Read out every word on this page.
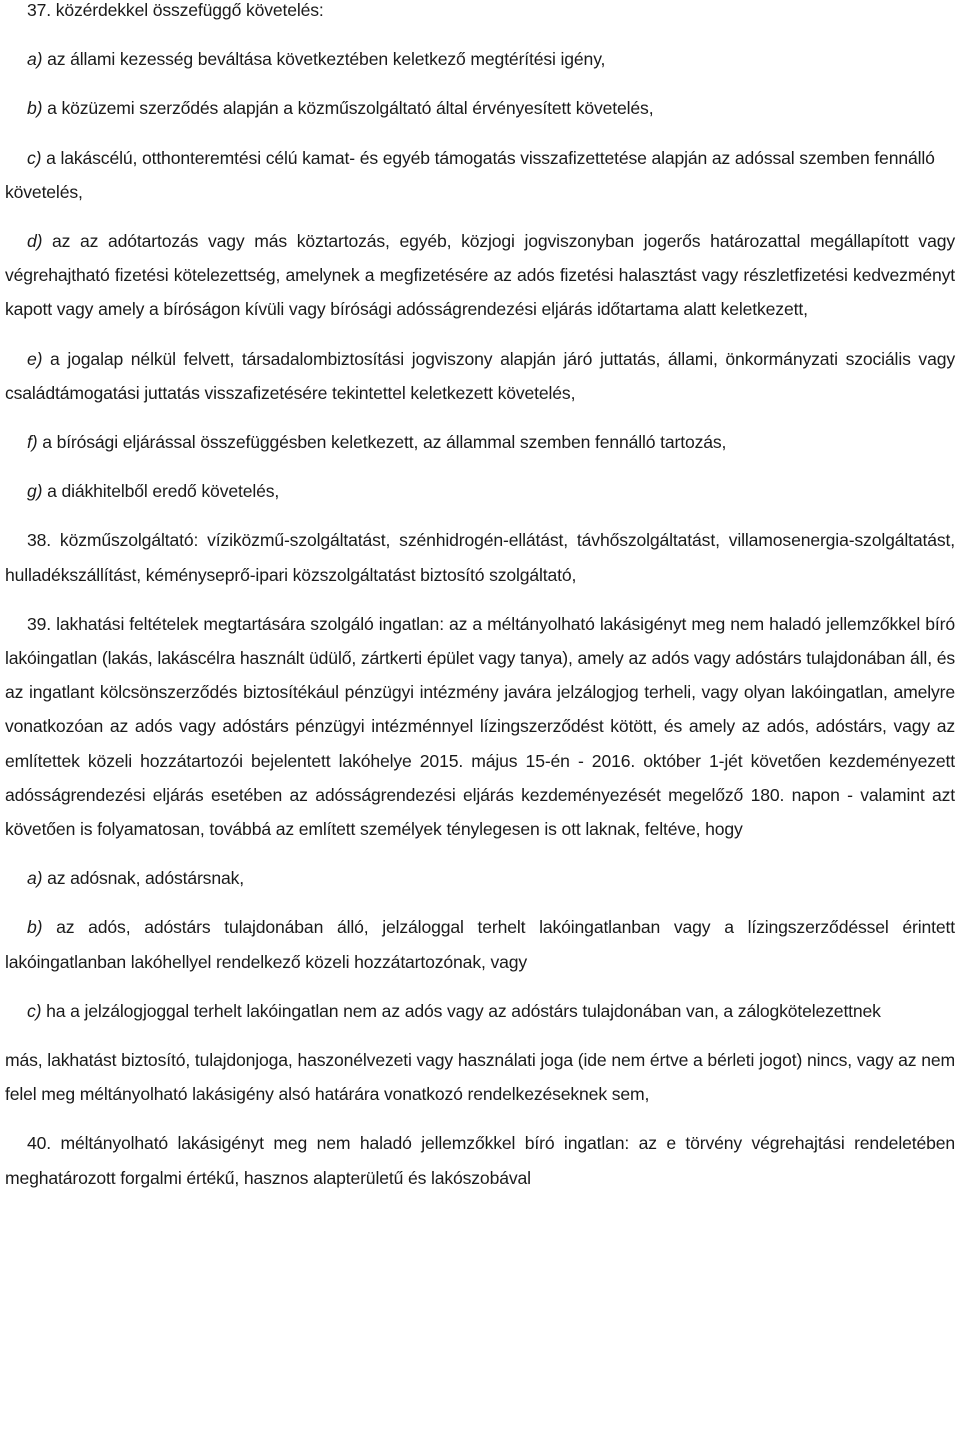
37. közérdekkel összefüggő követelés:

a) az állami kezesség beváltása következtében keletkező megtérítési igény,

b) a közüzemi szerződés alapján a közműszolgáltató által érvényesített követelés,

c) a lakáscélú, otthonteremtési célú kamat- és egyéb támogatás visszafizettetése alapján az adóssal szemben fennálló követelés,

d) az az adótartozás vagy más köztartozás, egyéb, közjogi jogviszonyban jogerős határozattal megállapított vagy végrehajtható fizetési kötelezettség, amelynek a megfizetésére az adós fizetési halasztást vagy részletfizetési kedvezményt kapott vagy amely a bíróságon kívüli vagy bírósági adósságrendezési eljárás időtartama alatt keletkezett,

e) a jogalap nélkül felvett, társadalombiztosítási jogviszony alapján járó juttatás, állami, önkormányzati szociális vagy családtámogatási juttatás visszafizetésére tekintettel keletkezett követelés,

f) a bírósági eljárással összefüggésben keletkezett, az állammal szemben fennálló tartozás,

g) a diákhitelből eredő követelés,

38. közműszolgáltató: víziközmű-szolgáltatást, szénhidrogén-ellátást, távhőszolgáltatást, villamosenergia-szolgáltatást, hulladékszállítást, kéményseprő-ipari közszolgáltatást biztosító szolgáltató,

39. lakhatási feltételek megtartására szolgáló ingatlan: az a méltányolható lakásigényt meg nem haladó jellemzőkkel bíró lakóingatlan (lakás, lakáscélra használt üdülő, zártkerti épület vagy tanya), amely az adós vagy adóstárs tulajdonában áll, és az ingatlant kölcsönszerződés biztosítékául pénzügyi intézmény javára jelzálogjog terheli, vagy olyan lakóingatlan, amelyre vonatkozóan az adós vagy adóstárs pénzügyi intézménnyel lízingszerződést kötött, és amely az adós, adóstárs, vagy az említettek közeli hozzátartozói bejelentett lakóhelye 2015. május 15-én - 2016. október 1-jét követően kezdeményezett adósságrendezési eljárás esetében az adósságrendezési eljárás kezdeményezését megelőző 180. napon - valamint azt követően is folyamatosan, továbbá az említett személyek ténylegesen is ott laknak, feltéve, hogy

a) az adósnak, adóstársnak,

b) az adós, adóstárs tulajdonában álló, jelzáloggal terhelt lakóingatlanban vagy a lízingszerződéssel érintett lakóingatlanban lakóhellyel rendelkező közeli hozzátartozónak, vagy

c) ha a jelzálogjoggal terhelt lakóingatlan nem az adós vagy az adóstárs tulajdonában van, a zálogkötelezettnek

más, lakhatást biztosító, tulajdonjoga, haszonélvezeti vagy használati joga (ide nem értve a bérleti jogot) nincs, vagy az nem felel meg méltányolható lakásigény alsó határára vonatkozó rendelkezéseknek sem,

40. méltányolható lakásigényt meg nem haladó jellemzőkkel bíró ingatlan: az e törvény végrehajtási rendeletében meghatározott forgalmi értékű, hasznos alapterületű és lakószobával
